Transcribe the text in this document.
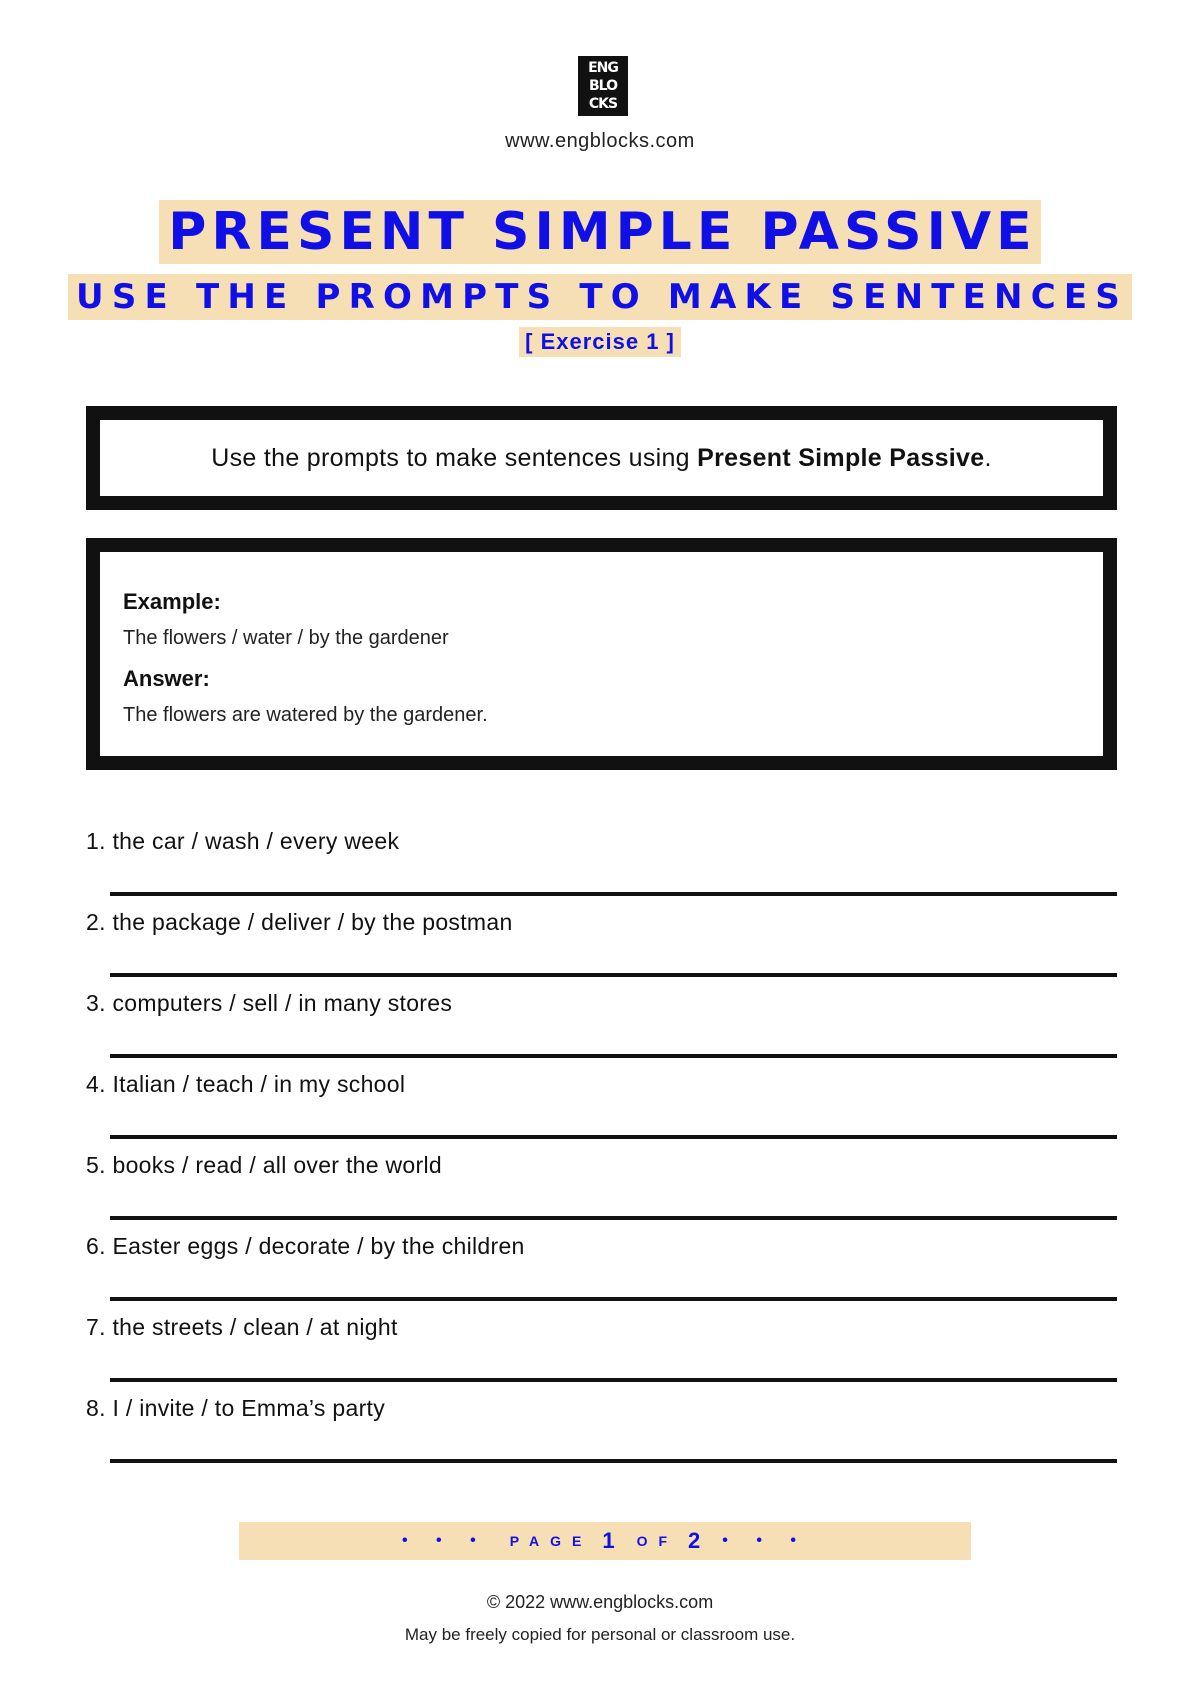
ENG
BLO
CKS
www.engblocks.com
PRESENT SIMPLE PASSIVE
USE THE PROMPTS TO MAKE SENTENCES
[ Exercise 1 ]
Use the prompts to make sentences using Present Simple Passive.
Example:
The flowers / water / by the gardener
Answer:
The flowers are watered by the gardener.
1. the car / wash / every week
2. the package / deliver / by the postman
3. computers / sell / in many stores
4. Italian / teach / in my school
5. books / read / all over the world
6. Easter eggs / decorate / by the children
7. the streets / clean / at night
8. I / invite / to Emma’s party
• • • PAGE 1 OF 2 • • •
© 2022 www.engblocks.com
May be freely copied for personal or classroom use.
